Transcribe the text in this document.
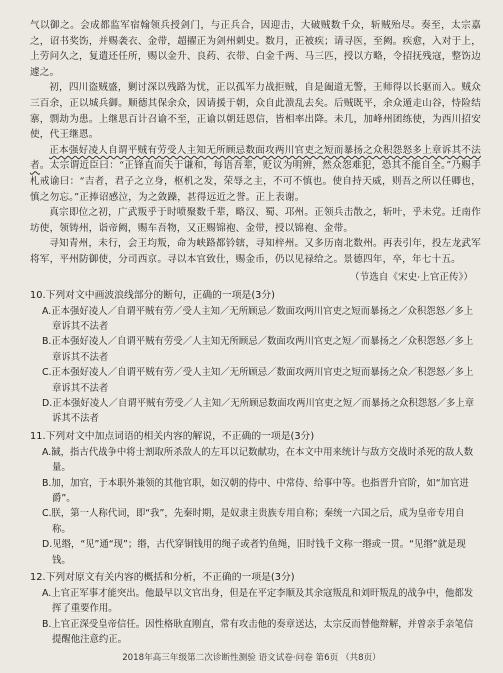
气以御之。会成都监军宿翰领兵授剑门，与正兵合，因迎击，大破贼数千众，斩贼殆尽。奏至，太宗嘉之，诏书奖饬，并赐袭衣、金带，超擢正为剑州刺史。数月，正被疾；请寻医，至阙。疾愈，入对于上，上劳问久之，复遣还任所，赐以金升、良药、衣带、白金千两、马三匹，授以方略，令招抚残寇，整饬边遽之。

初，四川盗贼盛，剿讨深以残路为忧，正以孤军力战拒贼，自是阖道无警，王师得以长驱而入。贼众三百余，正以城兵御。顺德其保余众，因请援于朝，众自此溃乱去矣。后贼既平，余众遁走山谷，恃险结寨，剽劫为患。上继思百计召谕不至，正谕以朝廷恩信，皆相率出降。未几，加峰州团练使，为西川招安使，代王继恩。

正本强好凌人自谓平贼有劳受人主知无所顾忌数面攻两川官吏之短而暴扬之众积怨怒多上章诉其不法者。太宗谓近臣曰：“正锋直而失于谦和，每语吾辈，贬议为明辨，然众怨难犯，恐其不能自全。”乃赐手札戒谕曰：“吉者，君子之立身，枢机之发，荣辱之主，不可不慎也。使自持天威，则吾之所以任卿也，慎之勿忘。”正捧诏感泣，为之敛躁，甚得远近之誉。正上表谢。

真宗即位之初，广武叛乎于时喷聚数千辈，略汉、蜀、邛州。正领兵击散之，斩叶，乎未党。迁南作坊使，领铸州，诣帝阙，赐车吾物，又正赐锦袍、金带，授以锦袍、金带。

寻知青州，未行，会王均叛，命为峡路都钤辖，寻知梓州。又多历南北数州。再表引年，投左龙武军将军，平州防御使，分司西京。寻以本官致仕，赐金币，仍以见禄给之。景德四年，卒，年七十五。

（节选自《宋史·上官正传》）
10.下列对文中画波浪线部分的断句，正确的一项是(3分)
A.正本强好凌人／自谓平贼有劳／受人主知／无所顾忌／数面攻两川官吏之短而暴扬之／众积怨怒／多上章诉其不法者
B.正本强好凌人／自谓平贼有劳受／人主知无所顾忌／数面攻两川官吏之短／而暴扬之／众积怨怒／多上章诉其不法者
C.正本强好凌人／自谓平贼有劳／受人主知／无所顾忌／数面攻两川官吏之短而暴扬之众／积怨怒／多上章诉其不法者
D.正本强好凌人／自谓平贼有劳受／人主知／无所顾忌数面攻两川官吏之短／而暴扬之众积怨怒／多上章诉其不法者
11.下列对文中加点词语的相关内容的解说，不正确的一项是(3分)
A.馘，指古代战争中将士割取所杀敌人的左耳以记数献功，在本文中用来统计与敌方交战时杀死的敌人数量。
B.加，加官，于本职外兼领的其他官职，如汉朝的侍中、中常侍、给事中等。也指晋升官阶，如“加官进爵”。
C.朕，第一人称代词，即“我”，先秦时期，是奴隶主贵族专用自称；秦统一六国之后，成为皇帝专用自称。
D.见缗，“见”通“现”；缗，古代穿铜钱用的绳子或者钓鱼绳，旧时钱千文称一缗或一贯。“见缗”就是现钱。
12.下列对原文有关内容的概括和分析，不正确的一项是(3分)
A.上官正军事才能突出。他最早以文官出身，但是在平定李顺及其余寇叛乱和刘旰叛乱的战争中，他都发挥了重要作用。
B.上官正深受皇帝信任。因性格耿直刚直，常有攻击他的奏章送达，太宗反而替他辩解，并曾亲手亲笔信提醒他注意约正。
2018年高三年级第二次诊断性测验 语文试卷·问卷 第6页 （共8页）
